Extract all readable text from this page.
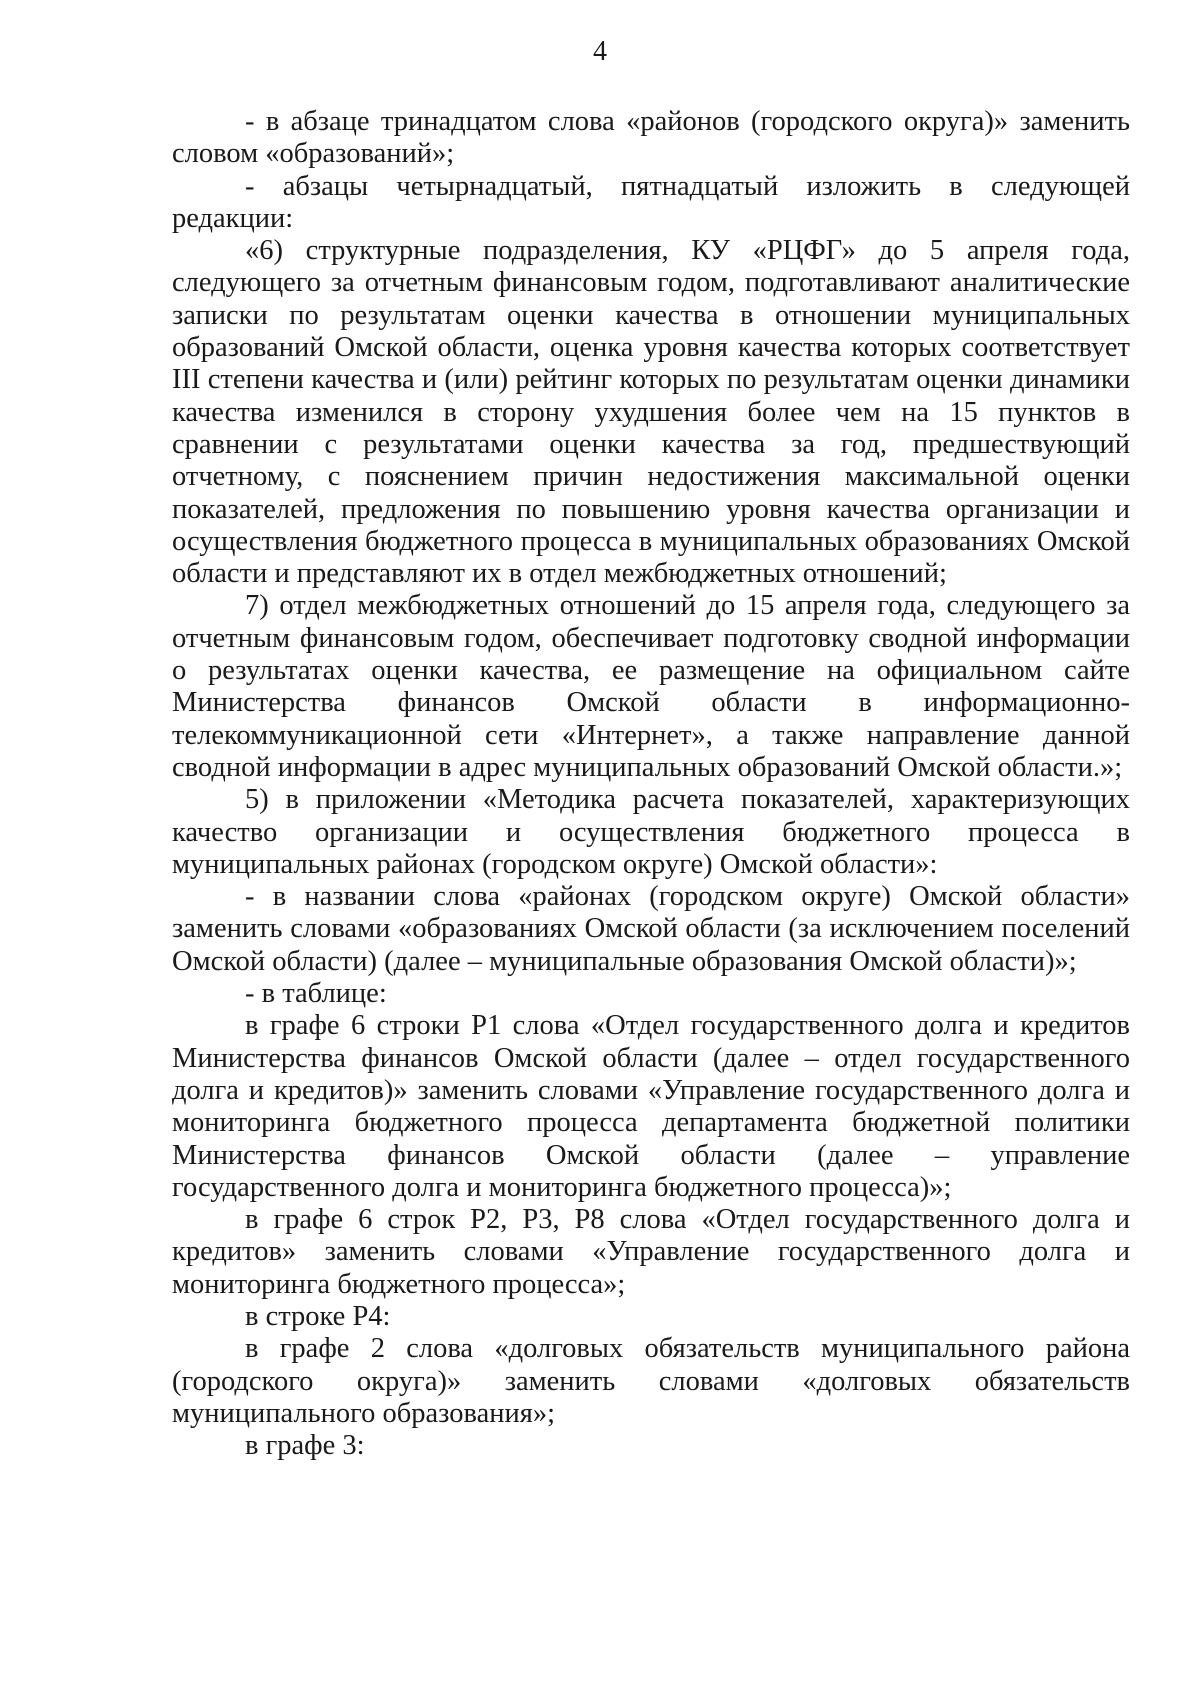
4

- в абзаце тринадцатом слова «районов (городского округа)» заменить словом «образований»;

- абзацы четырнадцатый, пятнадцатый изложить в следующей редакции:

«6) структурные подразделения, КУ «РЦФГ» до 5 апреля года, следующего за отчетным финансовым годом, подготавливают аналитические записки по результатам оценки качества в отношении муниципальных образований Омской области, оценка уровня качества которых соответствует III степени качества и (или) рейтинг которых по результатам оценки динамики качества изменился в сторону ухудшения более чем на 15 пунктов в сравнении с результатами оценки качества за год, предшествующий отчетному, с пояснением причин недостижения максимальной оценки показателей, предложения по повышению уровня качества организации и осуществления бюджетного процесса в муниципальных образованиях Омской области и представляют их в отдел межбюджетных отношений;

7) отдел межбюджетных отношений до 15 апреля года, следующего за отчетным финансовым годом, обеспечивает подготовку сводной информации о результатах оценки качества, ее размещение на официальном сайте Министерства финансов Омской области в информационно-телекоммуникационной сети «Интернет», а также направление данной сводной информации в адрес муниципальных образований Омской области.»;

5) в приложении «Методика расчета показателей, характеризующих качество организации и осуществления бюджетного процесса в муниципальных районах (городском округе) Омской области»:

- в названии слова «районах (городском округе) Омской области» заменить словами «образованиях Омской области (за исключением поселений Омской области) (далее – муниципальные образования Омской области)»;

- в таблице:

в графе 6 строки Р1 слова «Отдел государственного долга и кредитов Министерства финансов Омской области (далее – отдел государственного долга и кредитов)» заменить словами «Управление государственного долга и мониторинга бюджетного процесса департамента бюджетной политики Министерства финансов Омской области (далее – управление государственного долга и мониторинга бюджетного процесса)»;

в графе 6 строк Р2, Р3, Р8 слова «Отдел государственного долга и кредитов» заменить словами «Управление государственного долга и мониторинга бюджетного процесса»;

в строке Р4:

в графе 2 слова «долговых обязательств муниципального района (городского округа)» заменить словами «долговых обязательств муниципального образования»;

в графе 3:
